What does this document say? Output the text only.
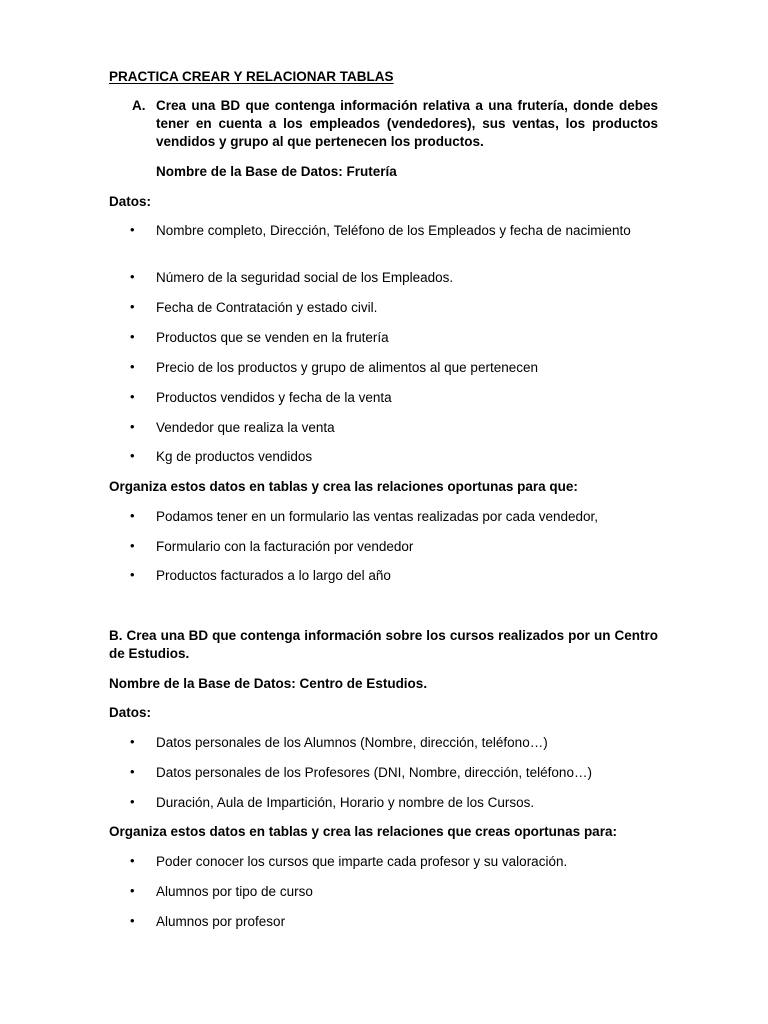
PRACTICA CREAR Y RELACIONAR TABLAS
A. Crea una BD que contenga información relativa a una frutería, donde debes tener en cuenta a los empleados (vendedores), sus ventas, los productos vendidos y grupo al que pertenecen los productos.
Nombre de la Base de Datos: Frutería
Datos:
• Nombre completo, Dirección, Teléfono de los Empleados y fecha de nacimiento
• Número de la seguridad social de los Empleados.
• Fecha de Contratación y estado civil.
• Productos que se venden en la frutería
• Precio de los productos y grupo de alimentos al que pertenecen
• Productos vendidos y fecha de la venta
• Vendedor que realiza la venta
• Kg de productos vendidos
Organiza estos datos en tablas y crea las relaciones oportunas para que:
• Podamos tener en un formulario las ventas realizadas por cada vendedor,
• Formulario con la facturación por vendedor
• Productos facturados a lo largo del año
B. Crea una BD que contenga información sobre los cursos realizados por un Centro de Estudios.
Nombre de la Base de Datos: Centro de Estudios.
Datos:
• Datos personales de los Alumnos (Nombre, dirección, teléfono…)
• Datos personales de los Profesores (DNI, Nombre, dirección, teléfono…)
• Duración, Aula de Impartición, Horario y nombre de los Cursos.
Organiza estos datos en tablas y crea las relaciones que creas oportunas para:
• Poder conocer los cursos que imparte cada profesor y su valoración.
• Alumnos por tipo de curso
• Alumnos por profesor
